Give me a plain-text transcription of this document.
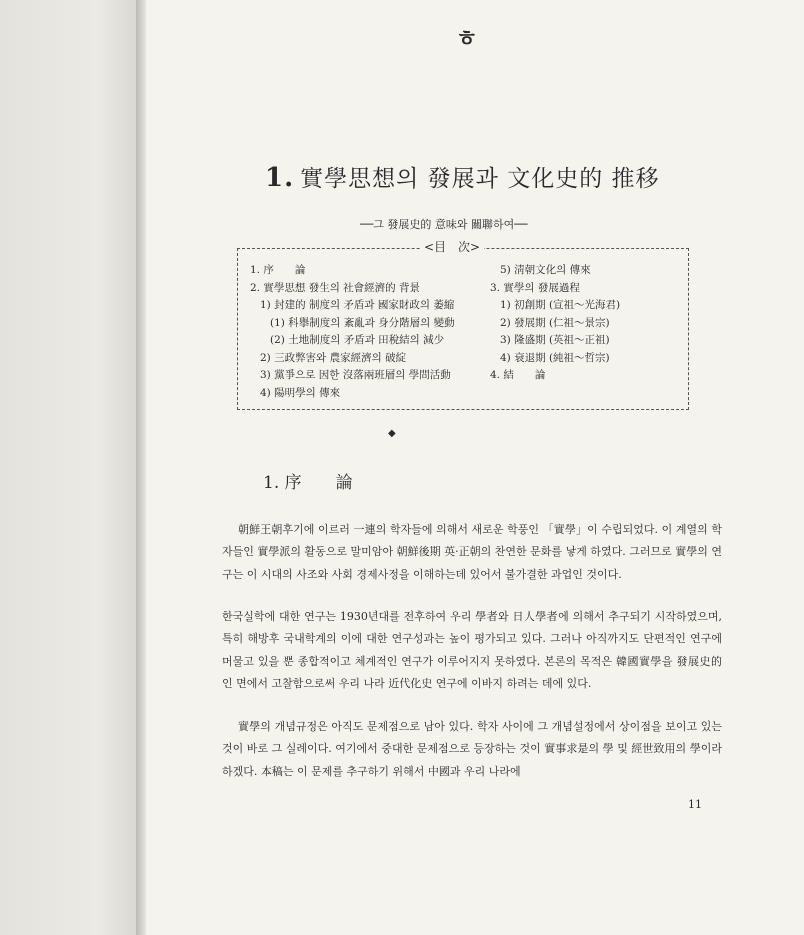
ㅎ
1. 實學思想의 發展과 文化史的 推移
──그 發展史的 意味와 關聯하여──
<目　次>
1. 序　　論
2. 實學思想 發生의 社會經濟的 背景
1) 封建的 制度의 矛盾과 國家財政의 萎縮
(1) 科擧制度의 紊亂과 身分階層의 變動
(2) 土地制度의 矛盾과 田稅結의 減少
2) 三政弊害와 農家經濟의 破綻
3) 黨爭으로 因한 沒落兩班層의 學問活動
4) 陽明學의 傳來
5) 淸朝文化의 傳來
3. 實學의 發展過程
1) 初創期 (宣祖～光海君)
2) 發展期 (仁祖～景宗)
3) 隆盛期 (英祖～正祖)
4) 衰退期 (純祖～哲宗)
4. 結　　論
◆
1. 序　　論
朝鮮王朝후기에 이르러 一連의 학자들에 의해서 새로운 학풍인 「實學」이 수립되었다. 이 계열의 학자들인 實學派의 활동으로 말미암아 朝鮮後期 英·正朝의 찬연한 문화를 낳게 하였다. 그러므로 實學의 연구는 이 시대의 사조와 사회 경제사정을 이해하는데 있어서 불가결한 과업인 것이다.
한국실학에 대한 연구는 1930년대를 전후하여 우리 學者와 日人學者에 의해서 추구되기 시작하였으며, 특히 해방후 국내학계의 이에 대한 연구성과는 높이 평가되고 있다. 그러나 아직까지도 단편적인 연구에 머물고 있을 뿐 종합적이고 체계적인 연구가 이루어지지 못하였다. 본론의 목적은 韓國實學을 發展史的인 면에서 고찰함으로써 우리 나라 近代化史 연구에 이바지 하려는 데에 있다.
實學의 개념규정은 아직도 문제점으로 남아 있다. 학자 사이에 그 개념설정에서 상이점을 보이고 있는 것이 바로 그 실례이다. 여기에서 중대한 문제점으로 등장하는 것이 實事求是의 學 및 經世致用의 學이라 하겠다. 本稿는 이 문제를 추구하기 위해서 中國과 우리 나라에
11
